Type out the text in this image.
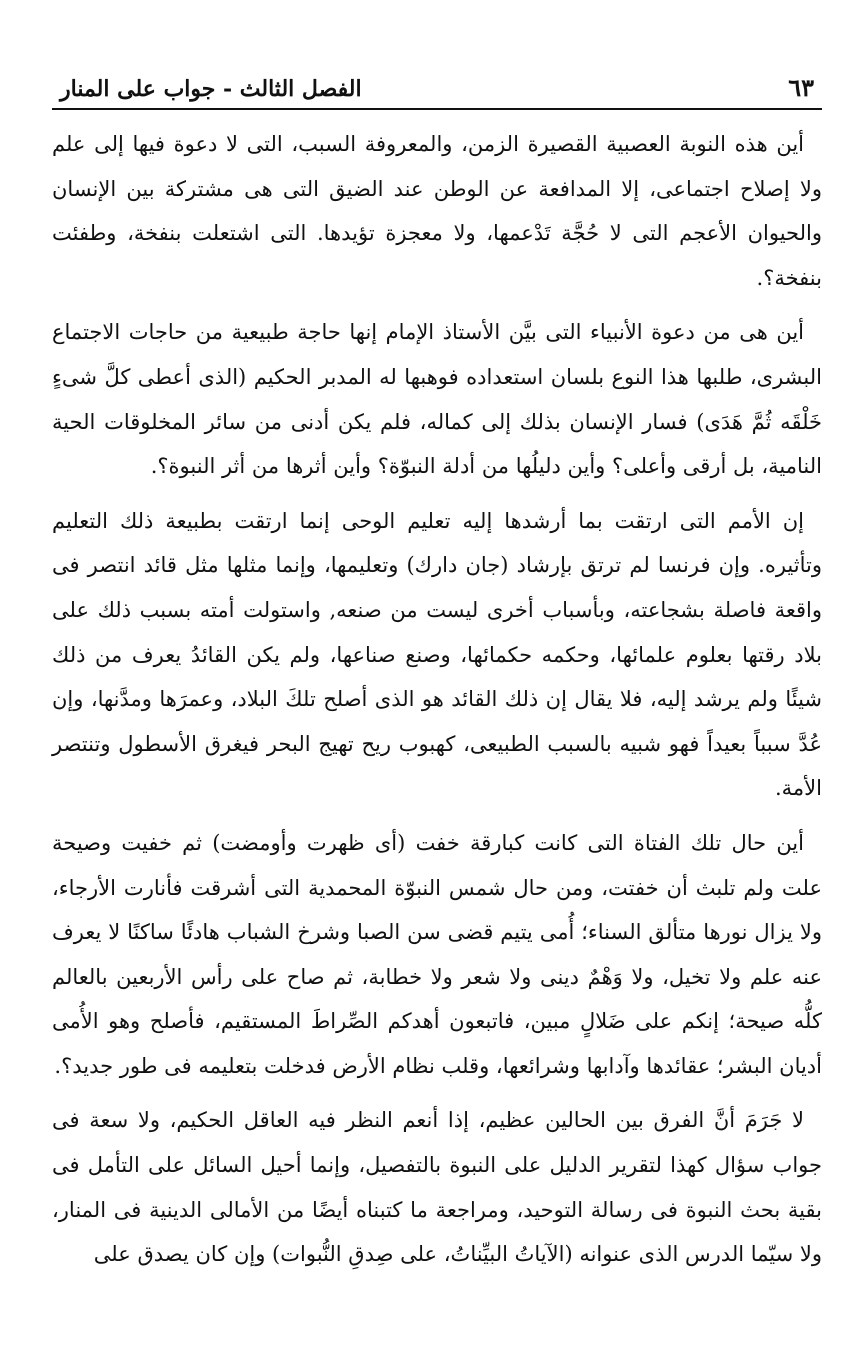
٦٣
الفصل الثالث - جواب على المنار

أين هذه النوبة العصبية القصيرة الزمن، والمعروفة السبب، التى لا دعوة فيها إلى علم ولا إصلاح اجتماعى، إلا المدافعة عن الوطن عند الضيق التى هى مشتركة بين الإنسان والحيوان الأعجم التى لا حُجَّة تَدْعمها، ولا معجزة تؤيدها. التى اشتعلت بنفخة، وطفئت بنفخة؟.

أين هى من دعوة الأنبياء التى بيَّن الأستاذ الإمام إنها حاجة طبيعية من حاجات الاجتماع البشرى، طلبها هذا النوع بلسان استعداده فوهبها له المدبر الحكيم (الذى أعطى كلَّ شىءٍ خَلْقَه ثُمَّ هَدَى) فسار الإنسان بذلك إلى كماله، فلم يكن أدنى من سائر المخلوقات الحية النامية، بل أرقى وأعلى؟ وأين دليلُها من أدلة النبوّة؟ وأين أثرها من أثر النبوة؟.

إن الأمم التى ارتقت بما أرشدها إليه تعليم الوحى إنما ارتقت بطبيعة ذلك التعليم وتأثيره. وإن فرنسا لم ترتق بإرشاد (جان دارك) وتعليمها، وإنما مثلها مثل قائد انتصر فى واقعة فاصلة بشجاعته، وبأسباب أخرى ليست من صنعه, واستولت أمته بسبب ذلك على بلاد رقتها بعلوم علمائها، وحكمه حكمائها، وصنع صناعها، ولم يكن القائدُ يعرف من ذلك شيئًا ولم يرشد إليه، فلا يقال إن ذلك القائد هو الذى أصلح تلكَ البلاد، وعمرَها ومدَّنها، وإن عُدَّ سبباً بعيداً فهو شبيه بالسبب الطبيعى، كهبوب ريح تهيج البحر فيغرق الأسطول وتنتصر الأمة.

أين حال تلك الفتاة التى كانت كبارقة خفت (أى ظهرت وأومضت) ثم خفيت وصيحة علت ولم تلبث أن خفتت، ومن حال شمس النبوّة المحمدية التى أشرقت فأنارت الأرجاء، ولا يزال نورها متألق السناء؛ أُمى يتيم قضى سن الصبا وشرخ الشباب هادئًا ساكنًا لا يعرف عنه علم ولا تخيل، ولا وَهْمٌ دينى ولا شعر ولا خطابة، ثم صاح على رأس الأربعين بالعالم كلُّه صيحة؛ إنكم على ضَلالٍ مبين، فاتبعون أهدكم الصِّراطَ المستقيم، فأصلح وهو الأُمى أديان البشر؛ عقائدها وآدابها وشرائعها، وقلب نظام الأرض فدخلت بتعليمه فى طور جديد؟.

لا جَرَمَ أنَّ الفرق بين الحالين عظيم، إذا أنعم النظر فيه العاقل الحكيم، ولا سعة فى جواب سؤال كهذا لتقرير الدليل على النبوة بالتفصيل، وإنما أحيل السائل على التأمل فى بقية بحث النبوة فى رسالة التوحيد، ومراجعة ما كتبناه أيضًا من الأمالى الدينية فى المنار، ولا سيّما الدرس الذى عنوانه (الآياتُ البيِّناتُ، على صِدقِ النُّبوات) وإن كان يصدق على
